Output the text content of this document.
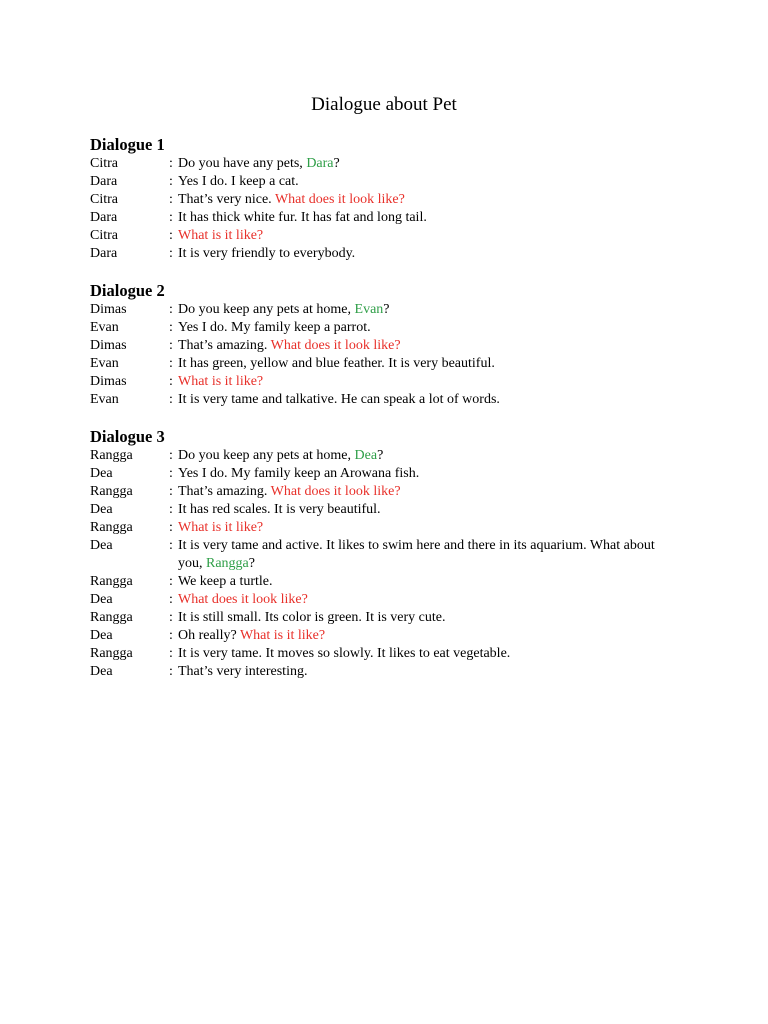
Dialogue about Pet
Dialogue 1
Citra	: Do you have any pets, Dara?
Dara	: Yes I do. I keep a cat.
Citra	: That’s very nice. What does it look like?
Dara	: It has thick white fur. It has fat and long tail.
Citra	: What is it like?
Dara	: It is very friendly to everybody.
Dialogue 2
Dimas	: Do you keep any pets at home, Evan?
Evan	: Yes I do. My family keep a parrot.
Dimas	: That’s amazing. What does it look like?
Evan	: It has green, yellow and blue feather. It is very beautiful.
Dimas	: What is it like?
Evan	: It is very tame and talkative. He can speak a lot of words.
Dialogue 3
Rangga	: Do you keep any pets at home, Dea?
Dea	: Yes I do. My family keep an Arowana fish.
Rangga	: That’s amazing. What does it look like?
Dea	: It has red scales. It is very beautiful.
Rangga	: What is it like?
Dea	: It is very tame and active. It likes to swim here and there in its aquarium. What about you, Rangga?
Rangga	: We keep a turtle.
Dea	: What does it look like?
Rangga	: It is still small. Its color is green. It is very cute.
Dea	: Oh really? What is it like?
Rangga	: It is very tame. It moves so slowly. It likes to eat vegetable.
Dea	: That’s very interesting.
